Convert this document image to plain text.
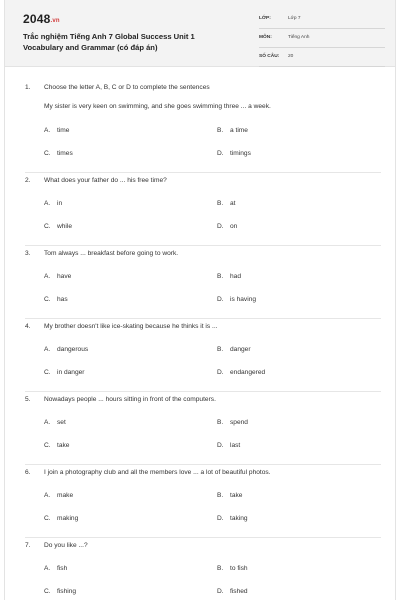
2048.vn
Trắc nghiệm Tiếng Anh 7 Global Success Unit 1 Vocabulary and Grammar (có đáp án)
LỚP:	Lớp 7
MÔN:	Tiếng Anh
SỐ CÂU: 20
1. Choose the letter A, B, C or D to complete the sentences
My sister is very keen on swimming, and she goes swimming three ... a week.
A. time	B. a time
C. times	D. timings
2. What does your father do ... his free time?
A. in	B. at
C. while	D. on
3. Tom always ... breakfast before going to work.
A. have	B. had
C. has	D. is having
4. My brother doesn't like ice-skating because he thinks it is ...
A. dangerous	B. danger
C. in danger	D. endangered
5. Nowadays people ... hours sitting in front of the computers.
A. set	B. spend
C. take	D. last
6. I join a photography club and all the members love ... a lot of beautiful photos.
A. make	B. take
C. making	D. taking
7. Do you like ...?
A. fish	B. to fish
C. fishing	D. fished
